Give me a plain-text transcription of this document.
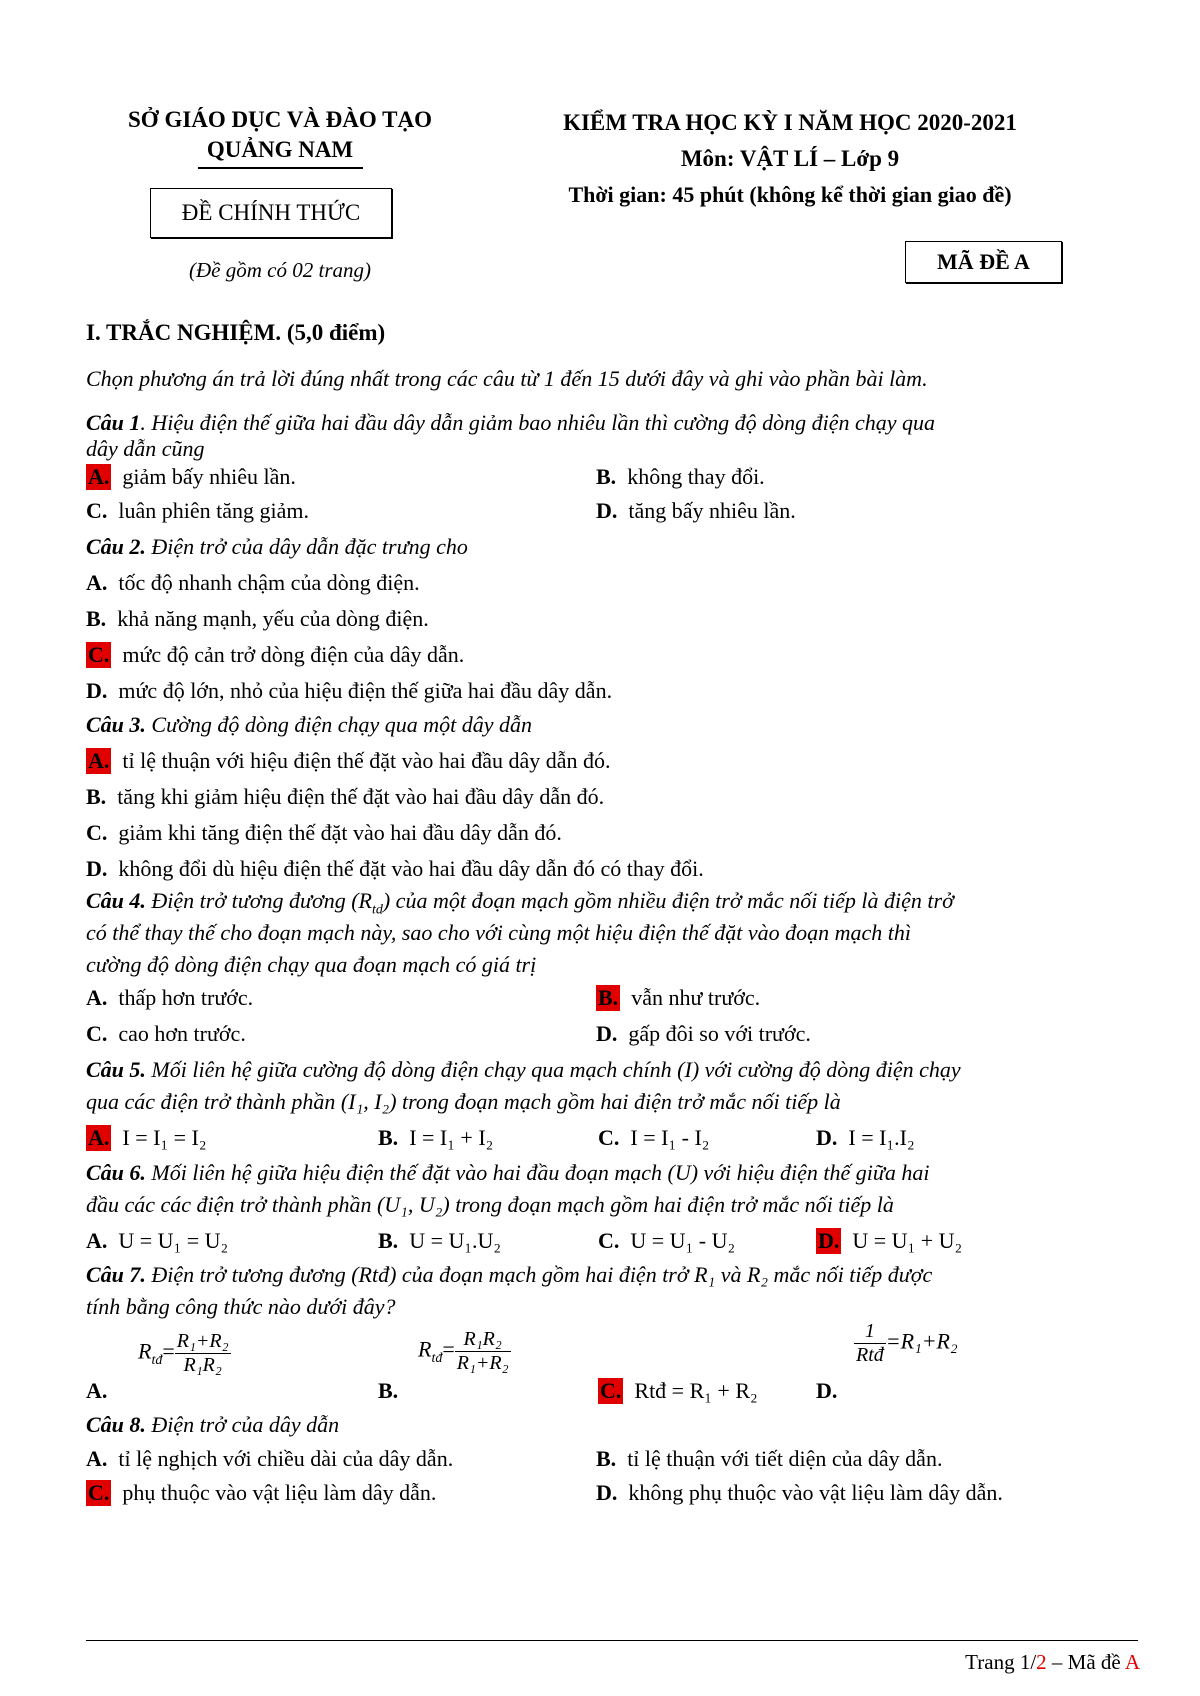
SỞ GIÁO DỤC VÀ ĐÀO TẠO
QUẢNG NAM
ĐỀ CHÍNH THỨC
(Đề gồm có 02 trang)
KIỂM TRA HỌC KỲ I NĂM HỌC 2020-2021
Môn: VẬT LÍ – Lớp 9
Thời gian: 45 phút (không kể thời gian giao đề)
MÃ ĐỀ A
I. TRẮC NGHIỆM. (5,0 điểm)
Chọn phương án trả lời đúng nhất trong các câu từ 1 đến 15 dưới đây và ghi vào phần bài làm.
Câu 1. Hiệu điện thế giữa hai đầu dây dẫn giảm bao nhiêu lần thì cường độ dòng điện chạy qua
dây dẫn cũng
A. giảm bấy nhiêu lần.	B. không thay đổi.
C. luân phiên tăng giảm.	D. tăng bấy nhiêu lần.
Câu 2. Điện trở của dây dẫn đặc trưng cho
A. tốc độ nhanh chậm của dòng điện.
B. khả năng mạnh, yếu của dòng điện.
C. mức độ cản trở dòng điện của dây dẫn.
D. mức độ lớn, nhỏ của hiệu điện thế giữa hai đầu dây dẫn.
Câu 3. Cường độ dòng điện chạy qua một dây dẫn
A. tỉ lệ thuận với hiệu điện thế đặt vào hai đầu dây dẫn đó.
B. tăng khi giảm hiệu điện thế đặt vào hai đầu dây dẫn đó.
C. giảm khi tăng điện thế đặt vào hai đầu dây dẫn đó.
D. không đổi dù hiệu điện thế đặt vào hai đầu dây dẫn đó có thay đổi.
Câu 4. Điện trở tương đương $(R_{td})$ của một đoạn mạch gồm nhiều điện trở mắc nối tiếp là điện trở
có thể thay thế cho đoạn mạch này, sao cho với cùng một hiệu điện thế đặt vào đoạn mạch thì
cường độ dòng điện chạy qua đoạn mạch có giá trị
A. thấp hơn trước.	B. vẫn như trước.
C. cao hơn trước.	D. gấp đôi so với trước.
Câu 5. Mối liên hệ giữa cường độ dòng điện chạy qua mạch chính (I) với cường độ dòng điện chạy
qua các điện trở thành phần (I₁, I₂) trong đoạn mạch gồm hai điện trở mắc nối tiếp là
A. I = I₁ = I₂	B. I = I₁ + I₂	C. I = I₁ - I₂	D. I = I₁.I₂
Câu 6. Mối liên hệ giữa hiệu điện thế đặt vào hai đầu đoạn mạch (U) với hiệu điện thế giữa hai
đầu các các điện trở thành phần (U₁, U₂) trong đoạn mạch gồm hai điện trở mắc nối tiếp là
A. U = U₁ = U₂	B. U = U₁.U₂	C. U = U₁ - U₂	D. U = U₁ + U₂
Câu 7. Điện trở tương đương (Rtđ) của đoạn mạch gồm hai điện trở R₁ và R₂ mắc nối tiếp được
tính bằng công thức nào dưới đây?
A.
$R_{tđ}= \frac{\text{R₁+R₂}}{\text{R₁R₂}}$
B.
$R_{tđ}= \frac{\text{R₁R₂}}{\text{R₁+R₂}}$
C. Rtđ = R₁ + R₂	D.
$\frac{1}{\text{Rtđ}} =R_1+R_2$
Câu 8. Điện trở của dây dẫn
A. tỉ lệ nghịch với chiều dài của dây dẫn.	B. tỉ lệ thuận với tiết diện của dây dẫn.
C. phụ thuộc vào vật liệu làm dây dẫn.	D. không phụ thuộc vào vật liệu làm dây dẫn.
Trang 1/2 – Mã đề A
